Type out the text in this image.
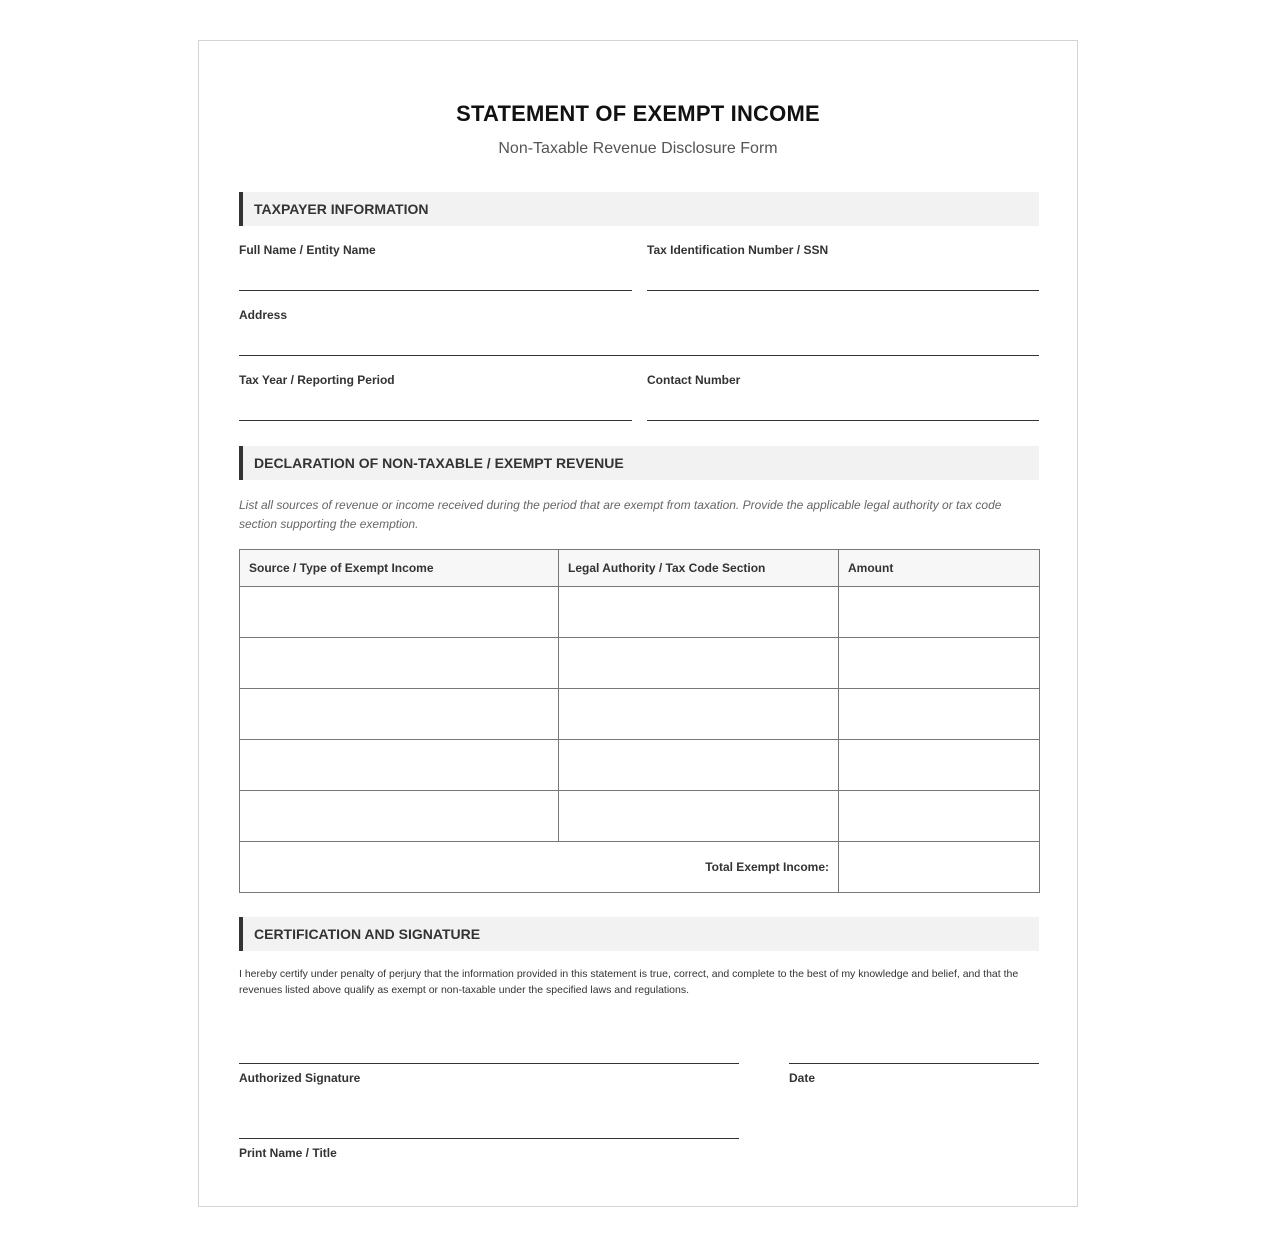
STATEMENT OF EXEMPT INCOME
Non-Taxable Revenue Disclosure Form
TAXPAYER INFORMATION
Full Name / Entity Name	Tax Identification Number / SSN
Address
Tax Year / Reporting Period	Contact Number
DECLARATION OF NON-TAXABLE / EXEMPT REVENUE
List all sources of revenue or income received during the period that are exempt from taxation. Provide the applicable legal authority or tax code section supporting the exemption.
Source / Type of Exempt Income	Legal Authority / Tax Code Section	Amount

Total Exempt Income:		
CERTIFICATION AND SIGNATURE
I hereby certify under penalty of perjury that the information provided in this statement is true, correct, and complete to the best of my knowledge and belief, and that the revenues listed above qualify as exempt or non-taxable under the specified laws and regulations.
Authorized Signature	Date
Print Name / Title
